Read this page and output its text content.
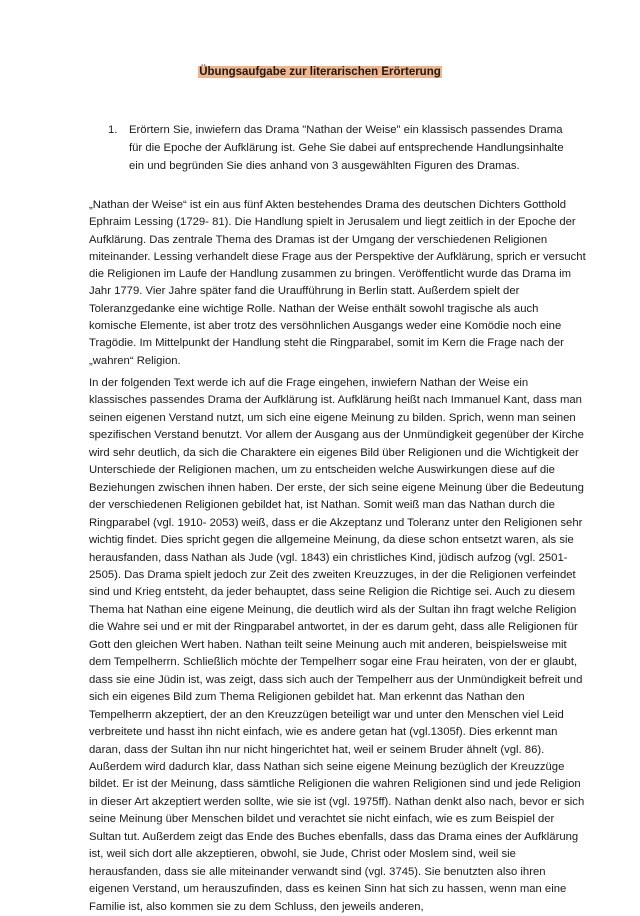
Übungsaufgabe zur literarischen Erörterung
1. Erörtern Sie, inwiefern das Drama "Nathan der Weise" ein klassisch passendes Drama für die Epoche der Aufklärung ist. Gehe Sie dabei auf entsprechende Handlungsinhalte ein und begründen Sie dies anhand von 3 ausgewählten Figuren des Dramas.

„Nathan der Weise“ ist ein aus fünf Akten bestehendes Drama des deutschen Dichters Gotthold Ephraim Lessing (1729- 81). Die Handlung spielt in Jerusalem und liegt zeitlich in der Epoche der Aufklärung. Das zentrale Thema des Dramas ist der Umgang der verschiedenen Religionen miteinander. Lessing verhandelt diese Frage aus der Perspektive der Aufklärung, sprich er versucht die Religionen im Laufe der Handlung zusammen zu bringen. Veröffentlicht wurde das Drama im Jahr 1779. Vier Jahre später fand die Uraufführung in Berlin statt. Außerdem spielt der Toleranzgedanke eine wichtige Rolle. Nathan der Weise enthält sowohl tragische als auch komische Elemente, ist aber trotz des versöhnlichen Ausgangs weder eine Komödie noch eine Tragödie. Im Mittelpunkt der Handlung steht die Ringparabel, somit im Kern die Frage nach der „wahren“ Religion.

In der folgenden Text werde ich auf die Frage eingehen, inwiefern Nathan der Weise ein klassisches passendes Drama der Aufklärung ist. Aufklärung heißt nach Immanuel Kant, dass man seinen eigenen Verstand nutzt, um sich eine eigene Meinung zu bilden. Sprich, wenn man seinen spezifischen Verstand benutzt. Vor allem der Ausgang aus der Unmündigkeit gegenüber der Kirche wird sehr deutlich, da sich die Charaktere ein eigenes Bild über Religionen und die Wichtigkeit der Unterschiede der Religionen machen, um zu entscheiden welche Auswirkungen diese auf die Beziehungen zwischen ihnen haben. Der erste, der sich seine eigene Meinung über die Bedeutung der verschiedenen Religionen gebildet hat, ist Nathan. Somit weiß man das Nathan durch die Ringparabel (vgl. 1910- 2053) weiß, dass er die Akzeptanz und Toleranz unter den Religionen sehr wichtig findet. Dies spricht gegen die allgemeine Meinung, da diese schon entsetzt waren, als sie herausfanden, dass Nathan als Jude (vgl. 1843) ein christliches Kind, jüdisch aufzog (vgl. 2501-2505). Das Drama spielt jedoch zur Zeit des zweiten Kreuzzuges, in der die Religionen verfeindet sind und Krieg entsteht, da jeder behauptet, dass seine Religion die Richtige sei. Auch zu diesem Thema hat Nathan eine eigene Meinung, die deutlich wird als der Sultan ihn fragt welche Religion die Wahre sei und er mit der Ringparabel antwortet, in der es darum geht, dass alle Religionen für Gott den gleichen Wert haben. Nathan teilt seine Meinung auch mit anderen, beispielsweise mit dem Tempelherrn. Schließlich möchte der Tempelherr sogar eine Frau heiraten, von der er glaubt, dass sie eine Jüdin ist, was zeigt, dass sich auch der Tempelherr aus der Unmündigkeit befreit und sich ein eigenes Bild zum Thema Religionen gebildet hat. Man erkennt das Nathan den Tempelherrn akzeptiert, der an den Kreuzzügen beteiligt war und unter den Menschen viel Leid verbreitete und hasst ihn nicht einfach, wie es andere getan hat (vgl.1305f). Dies erkennt man daran, dass der Sultan ihn nur nicht hingerichtet hat, weil er seinem Bruder ähnelt (vgl. 86). Außerdem wird dadurch klar, dass Nathan sich seine eigene Meinung bezüglich der Kreuzzüge bildet. Er ist der Meinung, dass sämtliche Religionen die wahren Religionen sind und jede Religion in dieser Art akzeptiert werden sollte, wie sie ist (vgl. 1975ff). Nathan denkt also nach, bevor er sich seine Meinung über Menschen bildet und verachtet sie nicht einfach, wie es zum Beispiel der Sultan tut. Außerdem zeigt das Ende des Buches ebenfalls, dass das Drama eines der Aufklärung ist, weil sich dort alle akzeptieren, obwohl, sie Jude, Christ oder Moslem sind, weil sie herausfanden, dass sie alle miteinander verwandt sind (vgl. 3745). Sie benutzten also ihren eigenen Verstand, um herauszufinden, dass es keinen Sinn hat sich zu hassen, wenn man eine Familie ist, also kommen sie zu dem Schluss, den jeweils anderen,
